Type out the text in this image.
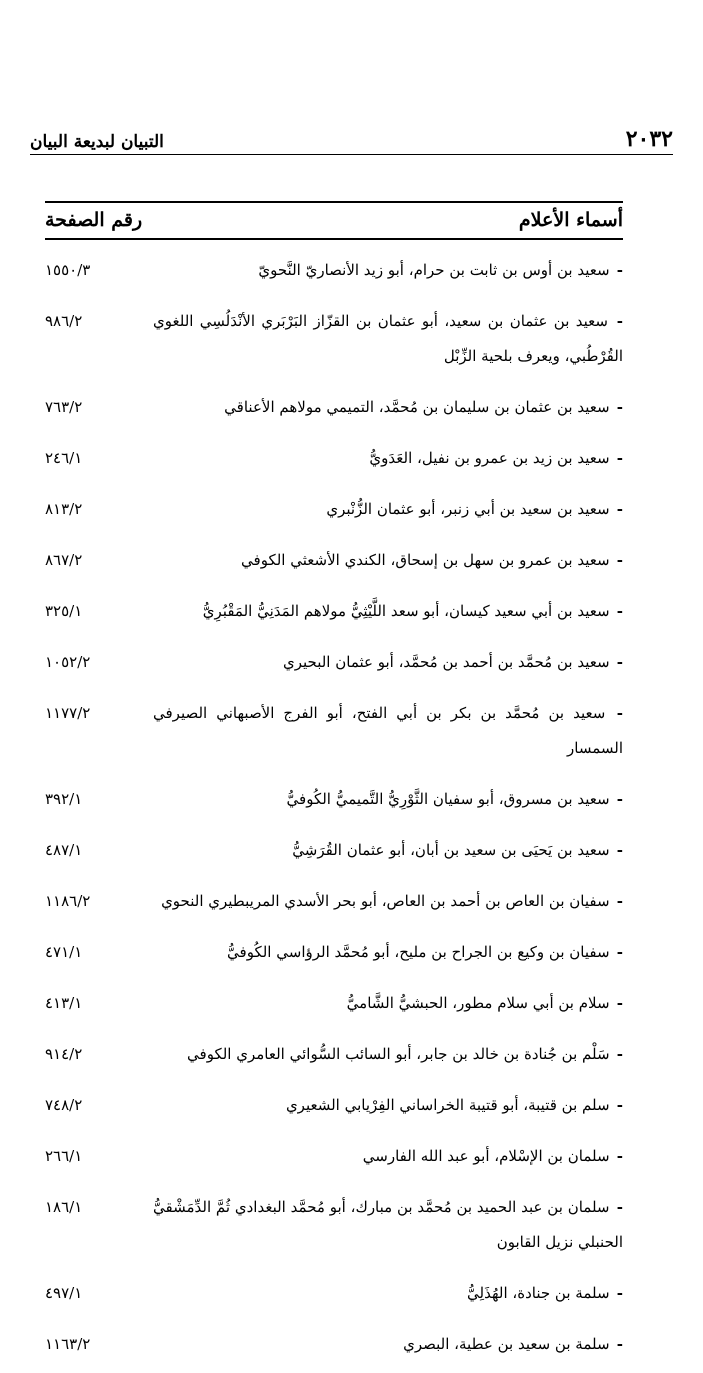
التبيان لبديعة البيان	٢٠٣٢
رقم الصفحة	أسماء الأعلام
- سعيد بن أوس بن ثابت بن حرام، أبو زيد الأنصاريّ النَّحويّ
١٥٥٠/٣
- سعيد بن عثمان بن سعيد، أبو عثمان بن القزّاز البَرْبَري الأنْدَلُسِي اللغوي القُرْطُبي، ويعرف بلحية الزِّبْل
٩٨٦/٢
- سعيد بن عثمان بن سليمان بن مُحمَّد، التميمي مولاهم الأعناقي
٧٦٣/٢
- سعيد بن زيد بن عمرو بن نفيل، العَدَويُّ
٢٤٦/١
- سعيد بن سعيد بن أبي زنبر، أبو عثمان الزُّنْبري
٨١٣/٢
- سعيد بن عمرو بن سهل بن إسحاق، الكندي الأشعثي الكوفي
٨٦٧/٢
- سعيد بن أبي سعيد كيسان، أبو سعد اللَّيْثِيُّ مولاهم المَدَنِيُّ المَقْبُرِيُّ
٣٢٥/١
- سعيد بن مُحمَّد بن أحمد بن مُحمَّد، أبو عثمان البحيري
١٠٥٢/٢
- سعيد بن مُحمَّد بن بكر بن أبي الفتح، أبو الفرج الأصبهاني الصيرفي السمسار
١١٧٧/٢
- سعيد بن مسروق، أبو سفيان الثَّوْرِيُّ التَّميميُّ الكُوفيُّ
٣٩٢/١
- سعيد بن يَحيَى بن سعيد بن أبان، أبو عثمان القُرَشِيُّ
٤٨٧/١
- سفيان بن العاص بن أحمد بن العاص، أبو بحر الأسدي المريبطيري النحوي
١١٨٦/٢
- سفيان بن وكيع بن الجراح بن مليح، أبو مُحمَّد الرؤاسي الكُوفيُّ
٤٧١/١
- سلام بن أبي سلام مطور، الحبشيُّ الشَّاميُّ
٤١٣/١
- سَلْم بن جُنادة بن خالد بن جابر، أبو السائب السُّوائي العامري الكوفي
٩١٤/٢
- سلم بن قتيبة، أبو قتيبة الخراساني الفِرْيابي الشعيري
٧٤٨/٢
- سلمان بن الإسْلام، أبو عبد الله الفارسي
٢٦٦/١
- سلمان بن عبد الحميد بن مُحمَّد بن مبارك، أبو مُحمَّد البغدادي ثُمَّ الدِّمَشْقيُّ الحنبلي نزيل القابون
١٨٦/١
- سلمة بن جنادة، الهُذَلِيُّ
٤٩٧/١
- سلمة بن سعيد بن عطية، البصري
١١٦٣/٢
